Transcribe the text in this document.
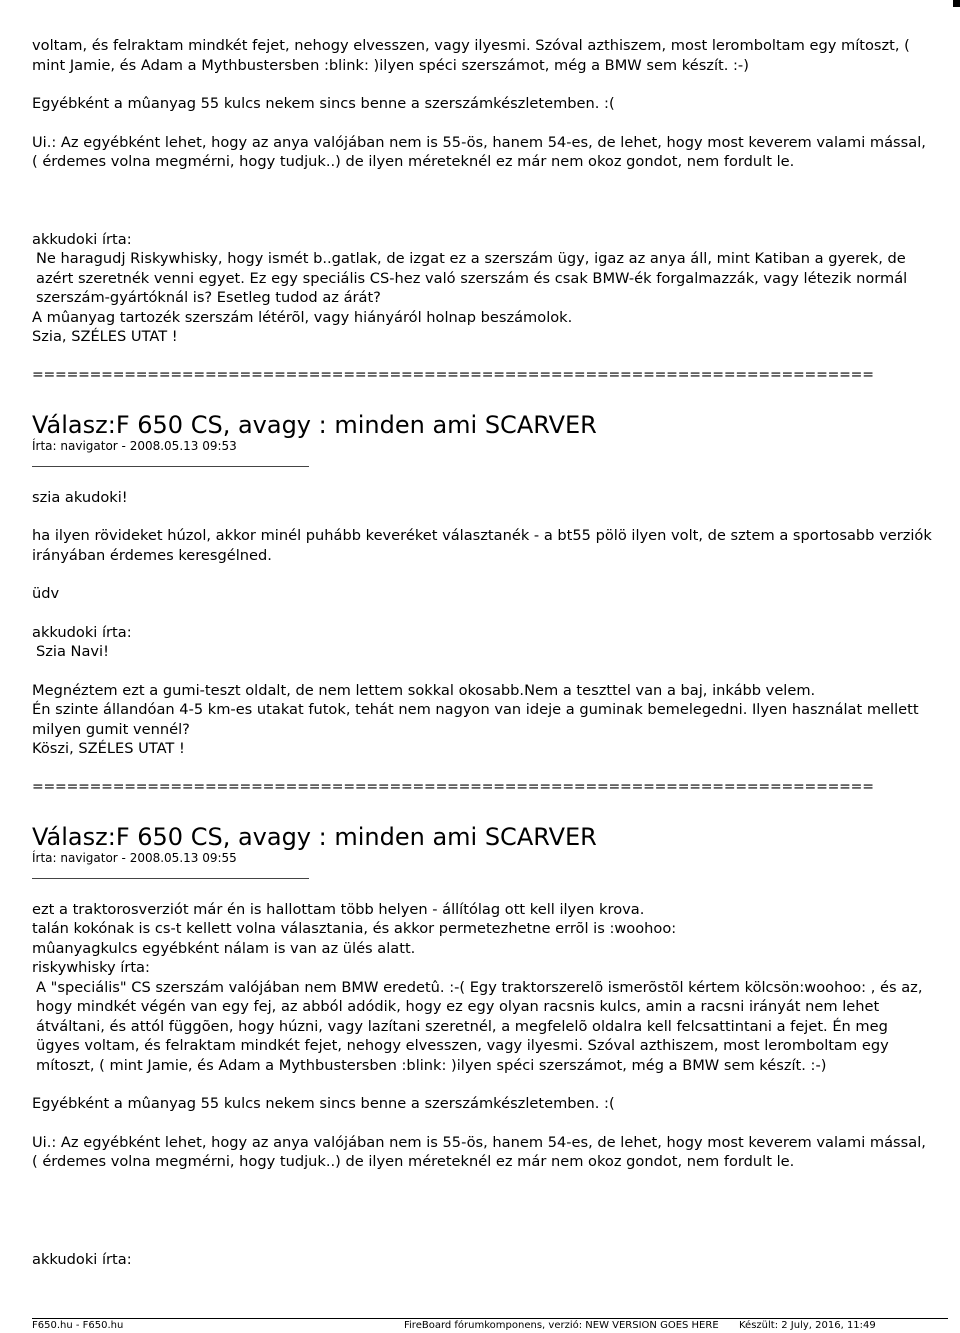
voltam, és felraktam mindkét fejet, nehogy elvesszen, vagy ilyesmi. Szóval azthiszem, most leromboltam egy mítoszt, ( mint Jamie, és Adam a Mythbustersben :blink: )ilyen spéci szerszámot, még a BMW sem készít. :-)

Egyébként a mûanyag 55 kulcs nekem sincs benne a szerszámkészletemben. :(

Ui.: Az egyébként lehet, hogy az anya valójában nem is 55-ös, hanem 54-es, de lehet, hogy most keverem valami mással, ( érdemes volna megmérni, hogy tudjuk..) de ilyen méreteknél ez már nem okoz gondot, nem fordult le.

akkudoki írta:
Ne haragudj Riskywhisky, hogy ismét b..gatlak, de izgat ez a szerszám ügy, igaz az anya áll, mint Katiban a gyerek, de azért szeretnék venni egyet. Ez egy speciális CS-hez való szerszám és csak BMW-ék forgalmazzák, vagy létezik normál szerszám-gyártóknál is? Esetleg tudod az árát?
A mûanyag tartozék szerszám létérõl, vagy hiányáról holnap beszámolok.
Szia, SZÉLES UTAT !
=========================================================================
Válasz:F 650 CS, avagy : minden ami SCARVER
Írta: navigator - 2008.05.13 09:53

szia akudoki!

ha ilyen rövideket húzol, akkor minél puhább keveréket választanék - a bt55 pölö ilyen volt, de sztem a sportosabb verziók irányában érdemes keresgélned.

üdv

akkudoki írta:
Szia Navi!
Megnéztem ezt a gumi-teszt oldalt, de nem lettem sokkal okosabb.Nem a teszttel van a baj, inkább velem.
Én szinte állandóan 4-5 km-es utakat futok, tehát nem nagyon van ideje a guminak bemelegedni. Ilyen használat mellett milyen gumit vennél?
Köszi, SZÉLES UTAT !
=========================================================================
Válasz:F 650 CS, avagy : minden ami SCARVER
Írta: navigator - 2008.05.13 09:55
ezt a traktorosverziót már én is hallottam több helyen - állítólag ott kell ilyen krova.
talán kokónak is cs-t kellett volna választania, és akkor permetezhetne errõl is :woohoo:
mûanyagkulcs egyébként nálam is van az ülés alatt.
riskywhisky írta:
A "speciális" CS szerszám valójában nem BMW eredetû. :-( Egy traktorszerelõ ismerõstõl kértem kölcsön:woohoo: , és az, hogy mindkét végén van egy fej, az abból adódik, hogy ez egy olyan racsnis kulcs, amin a racsni irányát nem lehet átváltani, és attól függõen, hogy húzni, vagy lazítani szeretnél, a megfelelõ oldalra kell felcsattintani a fejet. Én meg ügyes voltam, és felraktam mindkét fejet, nehogy elvesszen, vagy ilyesmi. Szóval azthiszem, most leromboltam egy mítoszt, ( mint Jamie, és Adam a Mythbustersben :blink: )ilyen spéci szerszámot, még a BMW sem készít. :-)

Egyébként a mûanyag 55 kulcs nekem sincs benne a szerszámkészletemben. :(

Ui.: Az egyébként lehet, hogy az anya valójában nem is 55-ös, hanem 54-es, de lehet, hogy most keverem valami mással, ( érdemes volna megmérni, hogy tudjuk..) de ilyen méreteknél ez már nem okoz gondot, nem fordult le.

akkudoki írta:
F650.hu - F650.hu	FireBoard fórumkomponens, verzió: NEW VERSION GOES HERE Készült: 2 July, 2016, 11:49
